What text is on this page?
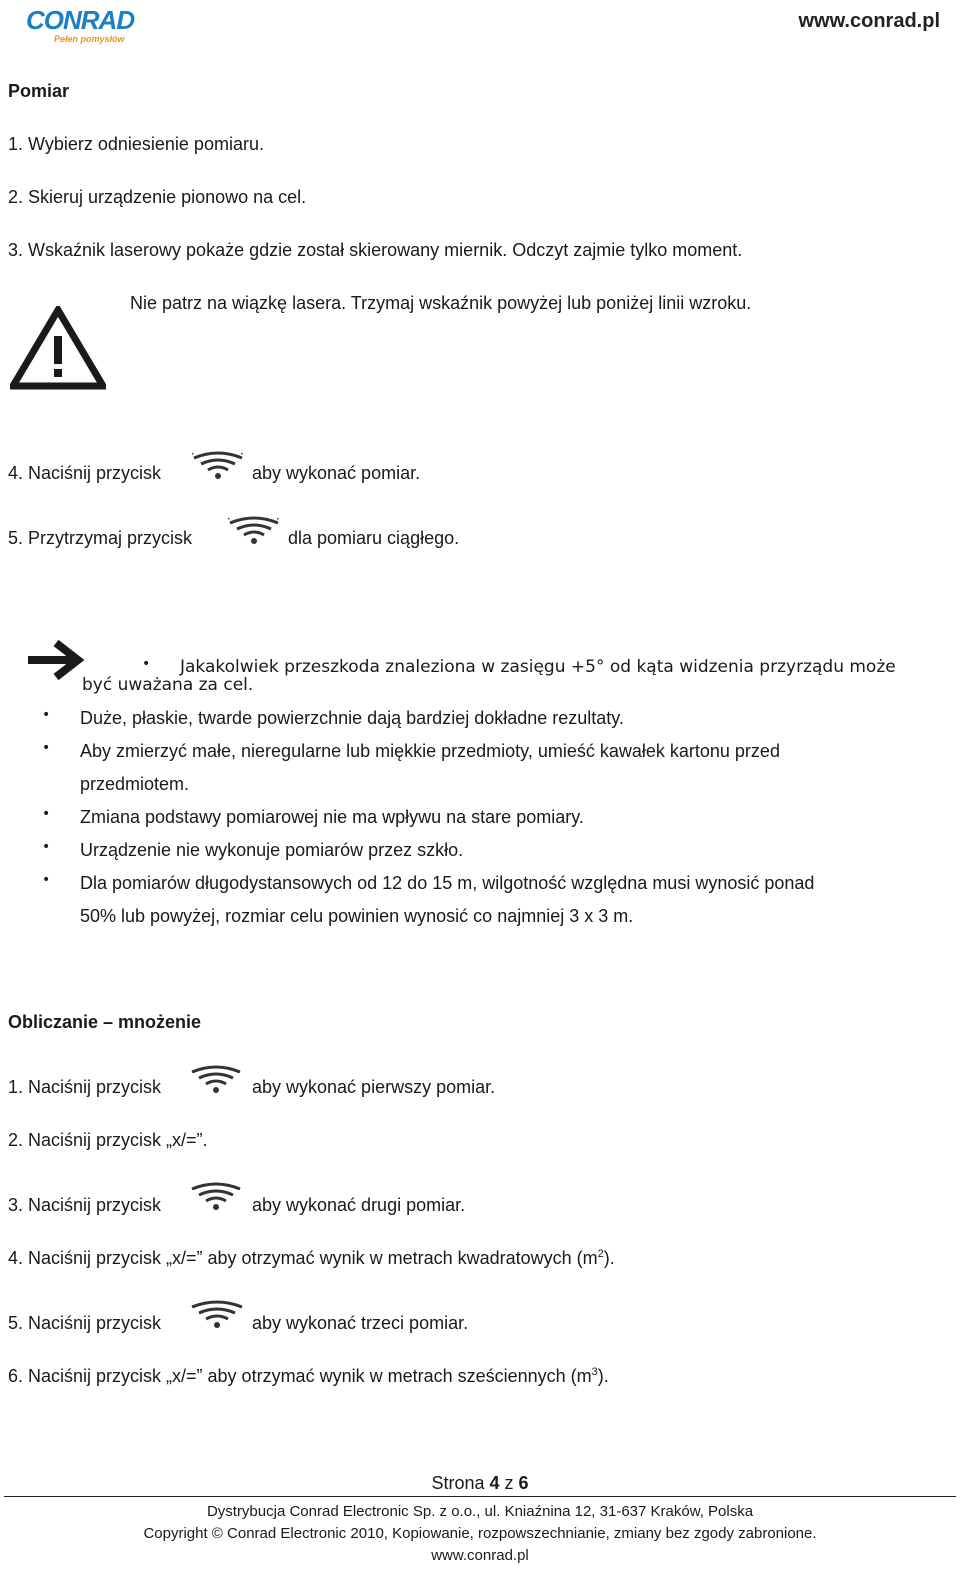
CONRAD
Pełen pomysłów
www.conrad.pl
Pomiar
1. Wybierz odniesienie pomiaru.
2. Skieruj urządzenie pionowo na cel.
3. Wskaźnik laserowy pokaże gdzie został skierowany miernik. Odczyt zajmie tylko moment.
Nie patrz na wiązkę lasera. Trzymaj wskaźnik powyżej lub poniżej linii wzroku.
4. Naciśnij przycisk
•	•
aby wykonać pomiar.
5. Przytrzymaj przycisk
•	•
dla pomiaru ciągłego.
• Jakakolwiek przeszkoda znaleziona w zasięgu +5° od kąta widzenia przyrządu może
być uważana za cel.
• Duże, płaskie, twarde powierzchnie dają bardziej dokładne rezultaty.
• Aby zmierzyć małe, nieregularne lub miękkie przedmioty, umieść kawałek kartonu przed
przedmiotem.
• Zmiana podstawy pomiarowej nie ma wpływu na stare pomiary.
• Urządzenie nie wykonuje pomiarów przez szkło.
• Dla pomiarów długodystansowych od 12 do 15 m, wilgotność względna musi wynosić ponad
50% lub powyżej, rozmiar celu powinien wynosić co najmniej 3 x 3 m.
Obliczanie – mnożenie
1. Naciśnij przycisk	aby wykonać pierwszy pomiar.
2. Naciśnij przycisk „x/=”.
3. Naciśnij przycisk	aby wykonać drugi pomiar.
4. Naciśnij przycisk „x/=” aby otrzymać wynik w metrach kwadratowych $(m^2)$.
5. Naciśnij przycisk	aby wykonać trzeci pomiar.
6. Naciśnij przycisk „x/=” aby otrzymać wynik w metrach sześciennych $(m^3)$.
Strona 4 z 6
Dystrybucja Conrad Electronic Sp. z o.o., ul. Kniaźnina 12, 31-637 Kraków, Polska
Copyright © Conrad Electronic 2010, Kopiowanie, rozpowszechnianie, zmiany bez zgody zabronione.
www.conrad.pl
